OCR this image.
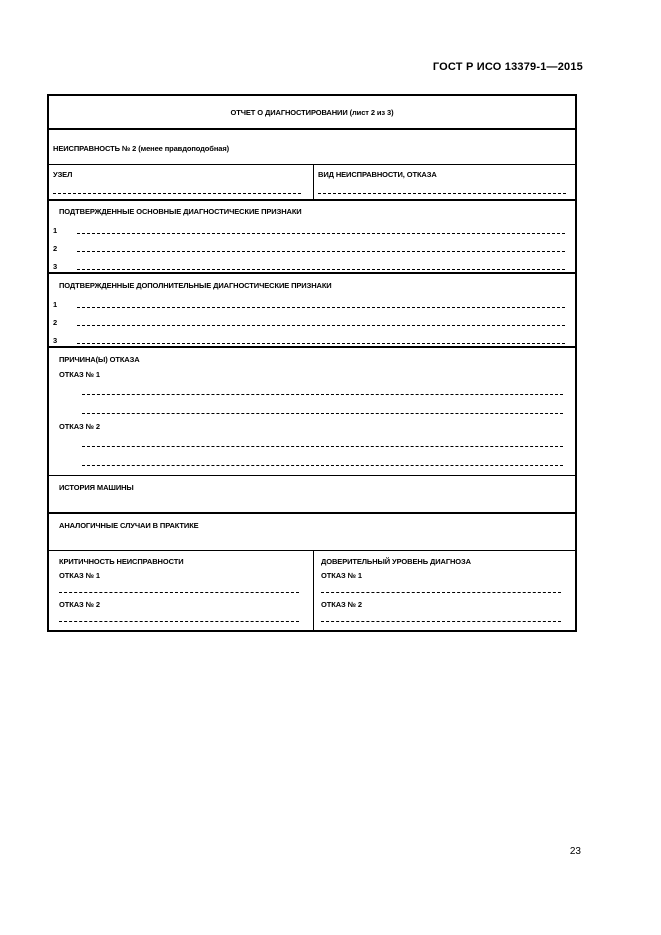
ГОСТ Р ИСО 13379-1—2015
ОТЧЕТ О ДИАГНОСТИРОВАНИИ (лист 2 из 3)
НЕИСПРАВНОСТЬ № 2 (менее правдоподобная)
УЗЕЛ	ВИД НЕИСПРАВНОСТИ, ОТКАЗА
ПОДТВЕРЖДЕННЫЕ ОСНОВНЫЕ ДИАГНОСТИЧЕСКИЕ ПРИЗНАКИ
1
2
3
ПОДТВЕРЖДЕННЫЕ ДОПОЛНИТЕЛЬНЫЕ ДИАГНОСТИЧЕСКИЕ ПРИЗНАКИ
1
2
3
ПРИЧИНА(Ы) ОТКАЗА
ОТКАЗ № 1
ОТКАЗ № 2
ИСТОРИЯ МАШИНЫ
АНАЛОГИЧНЫЕ СЛУЧАИ В ПРАКТИКЕ
КРИТИЧНОСТЬ НЕИСПРАВНОСТИ
ОТКАЗ № 1
ОТКАЗ № 2
ДОВЕРИТЕЛЬНЫЙ УРОВЕНЬ ДИАГНОЗА
ОТКАЗ № 1
ОТКАЗ № 2
23
